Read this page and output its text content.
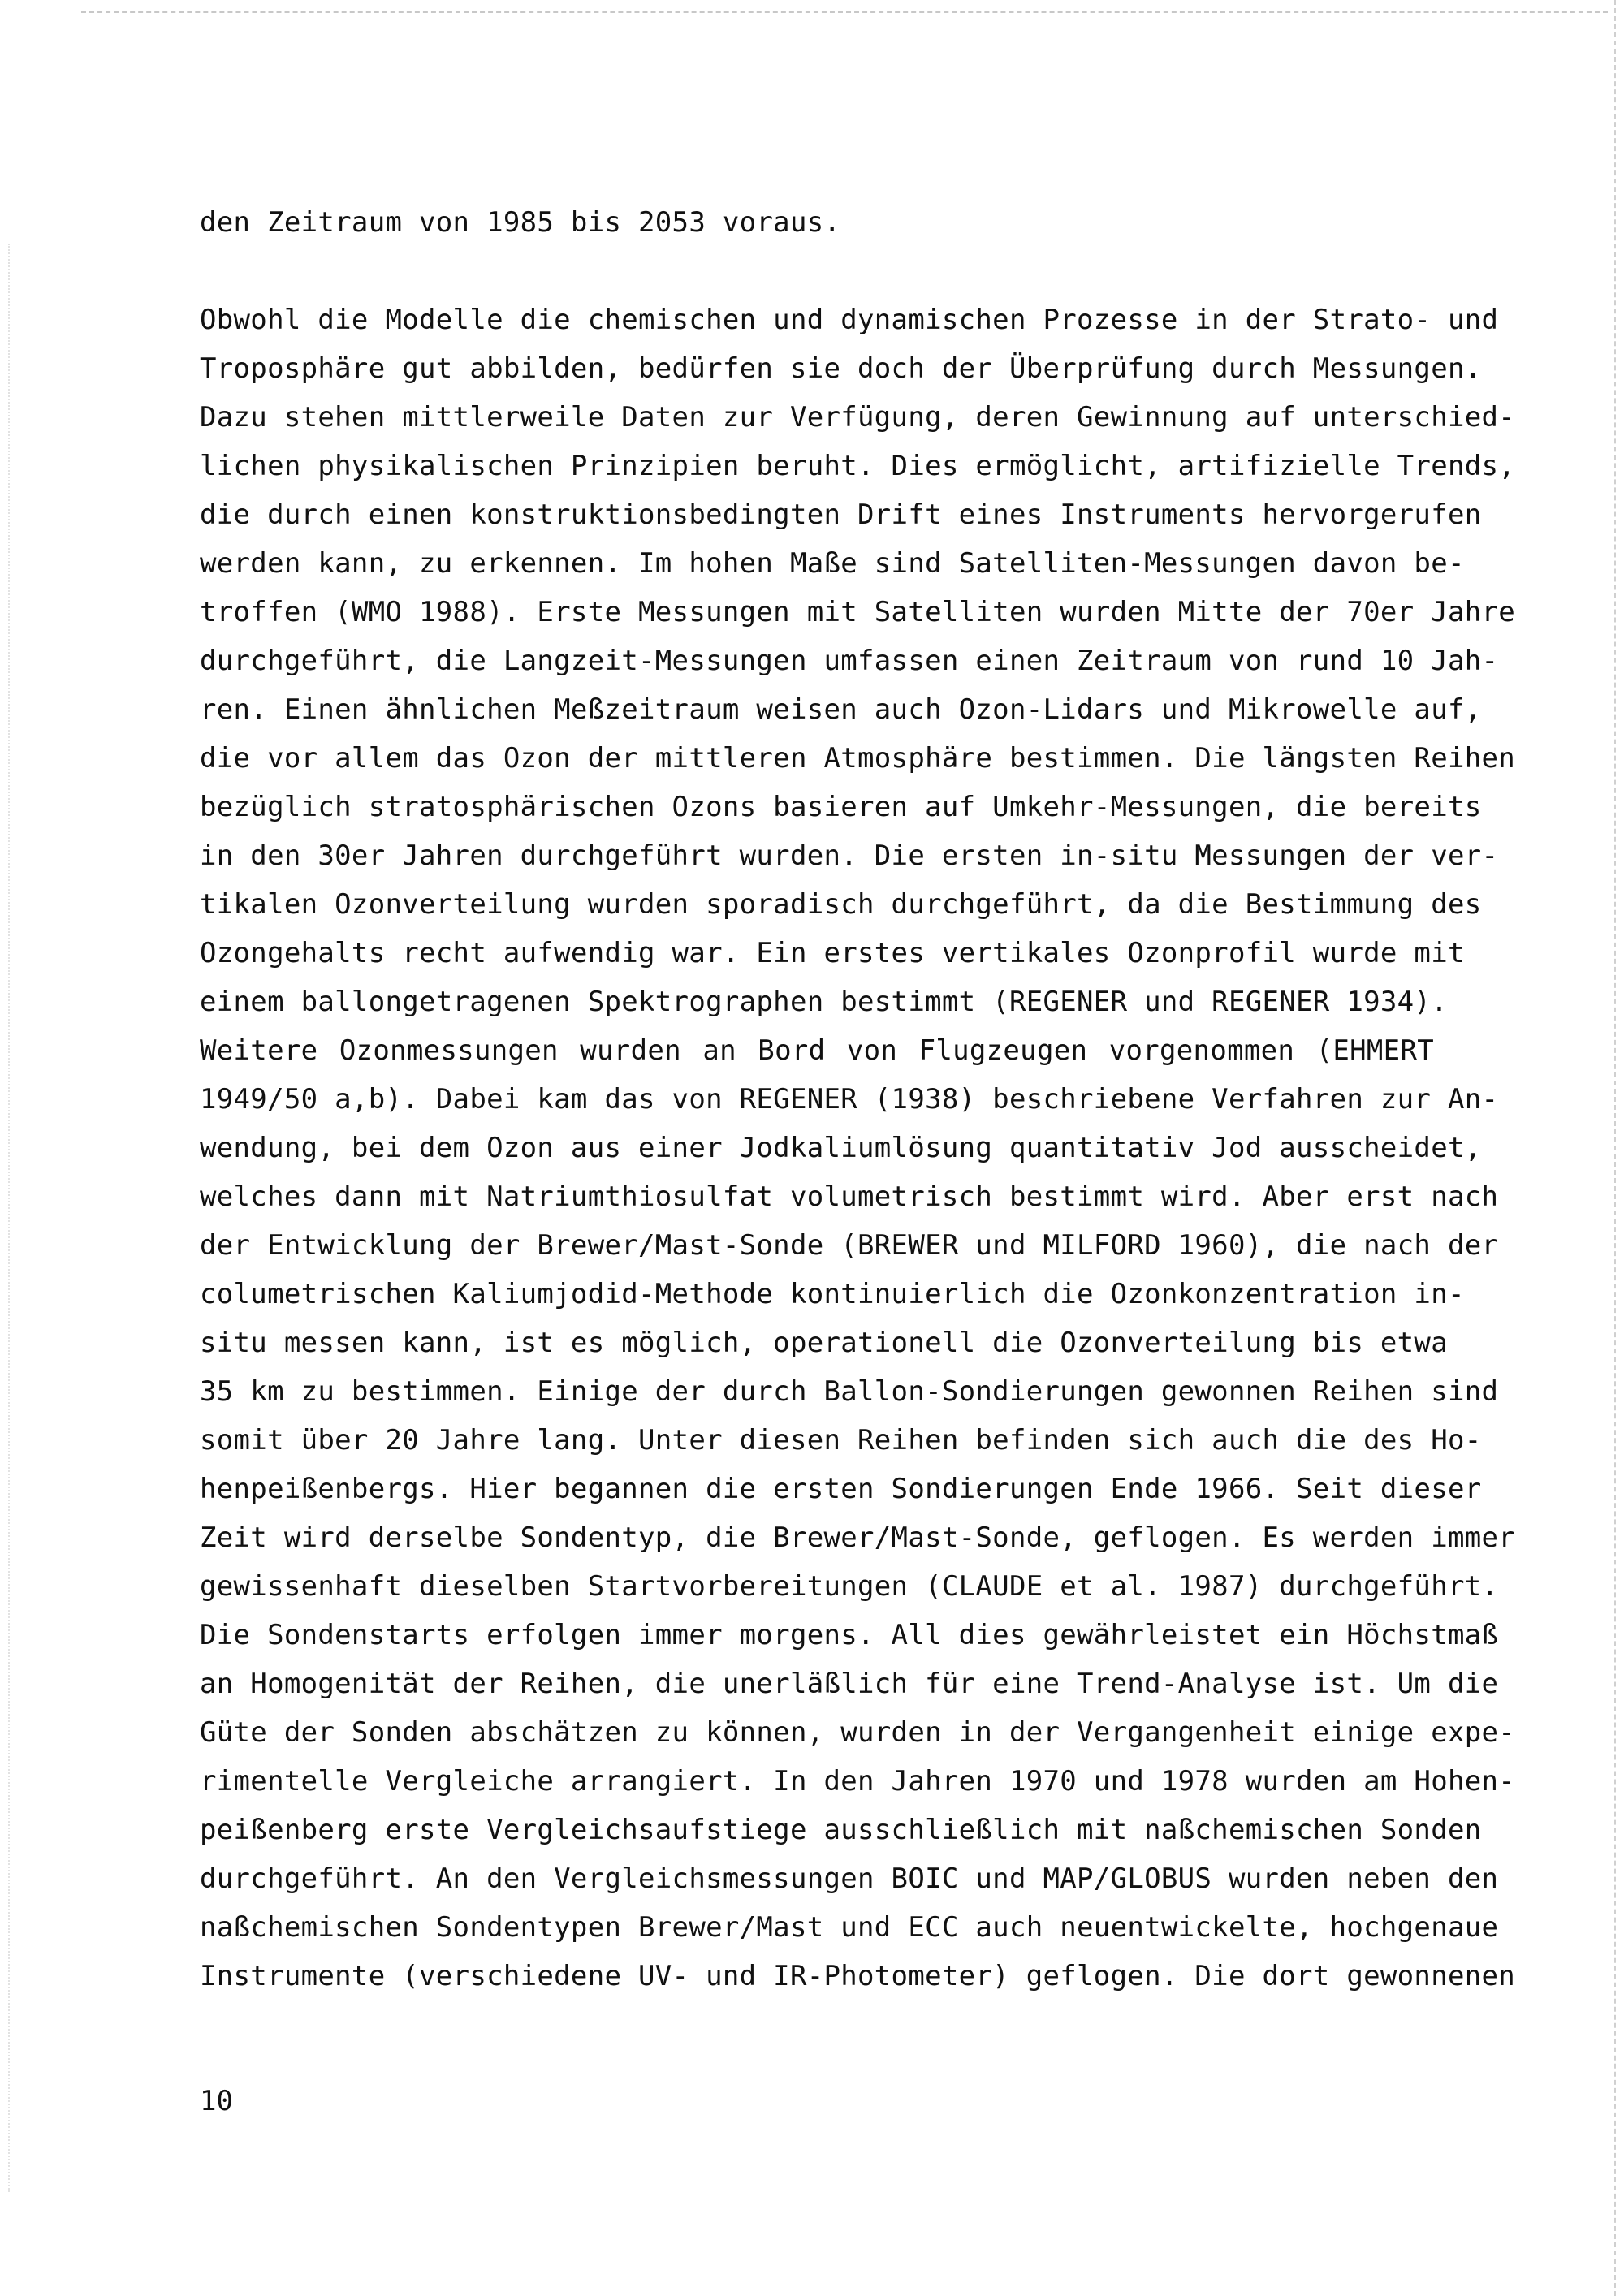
den Zeitraum von 1985 bis 2053 voraus.
Obwohl die Modelle die chemischen und dynamischen Prozesse in der Strato- und
Troposphäre gut abbilden, bedürfen sie doch der Überprüfung durch Messungen.
Dazu stehen mittlerweile Daten zur Verfügung, deren Gewinnung auf unterschied-
lichen physikalischen Prinzipien beruht. Dies ermöglicht, artifizielle Trends,
die durch einen konstruktionsbedingten Drift eines Instruments hervorgerufen
werden kann, zu erkennen. Im hohen Maße sind Satelliten-Messungen davon be-
troffen (WMO 1988). Erste Messungen mit Satelliten wurden Mitte der 70er Jahre
durchgeführt, die Langzeit-Messungen umfassen einen Zeitraum von rund 10 Jah-
ren. Einen ähnlichen Meßzeitraum weisen auch Ozon-Lidars und Mikrowelle auf,
die vor allem das Ozon der mittleren Atmosphäre bestimmen. Die längsten Reihen
bezüglich stratosphärischen Ozons basieren auf Umkehr-Messungen, die bereits
in den 30er Jahren durchgeführt wurden. Die ersten in-situ Messungen der ver-
tikalen Ozonverteilung wurden sporadisch durchgeführt, da die Bestimmung des
Ozongehalts recht aufwendig war. Ein erstes vertikales Ozonprofil wurde mit
einem ballongetragenen Spektrographen bestimmt (REGENER und REGENER 1934).
Weitere Ozonmessungen wurden an Bord von Flugzeugen vorgenommen (EHMERT
1949/50 a,b). Dabei kam das von REGENER (1938) beschriebene Verfahren zur An-
wendung, bei dem Ozon aus einer Jodkaliumlösung quantitativ Jod ausscheidet,
welches dann mit Natriumthiosulfat volumetrisch bestimmt wird. Aber erst nach
der Entwicklung der Brewer/Mast-Sonde (BREWER und MILFORD 1960), die nach der
columetrischen Kaliumjodid-Methode kontinuierlich die Ozonkonzentration in-
situ messen kann, ist es möglich, operationell die Ozonverteilung bis etwa
35 km zu bestimmen. Einige der durch Ballon-Sondierungen gewonnen Reihen sind
somit über 20 Jahre lang. Unter diesen Reihen befinden sich auch die des Ho-
henpeißenbergs. Hier begannen die ersten Sondierungen Ende 1966. Seit dieser
Zeit wird derselbe Sondentyp, die Brewer/Mast-Sonde, geflogen. Es werden immer
gewissenhaft dieselben Startvorbereitungen (CLAUDE et al. 1987) durchgeführt.
Die Sondenstarts erfolgen immer morgens. All dies gewährleistet ein Höchstmaß
an Homogenität der Reihen, die unerläßlich für eine Trend-Analyse ist. Um die
Güte der Sonden abschätzen zu können, wurden in der Vergangenheit einige expe-
rimentelle Vergleiche arrangiert. In den Jahren 1970 und 1978 wurden am Hohen-
peißenberg erste Vergleichsaufstiege ausschließlich mit naßchemischen Sonden
durchgeführt. An den Vergleichsmessungen BOIC und MAP/GLOBUS wurden neben den
naßchemischen Sondentypen Brewer/Mast und ECC auch neuentwickelte, hochgenaue
Instrumente (verschiedene UV- und IR-Photometer) geflogen. Die dort gewonnenen
10
